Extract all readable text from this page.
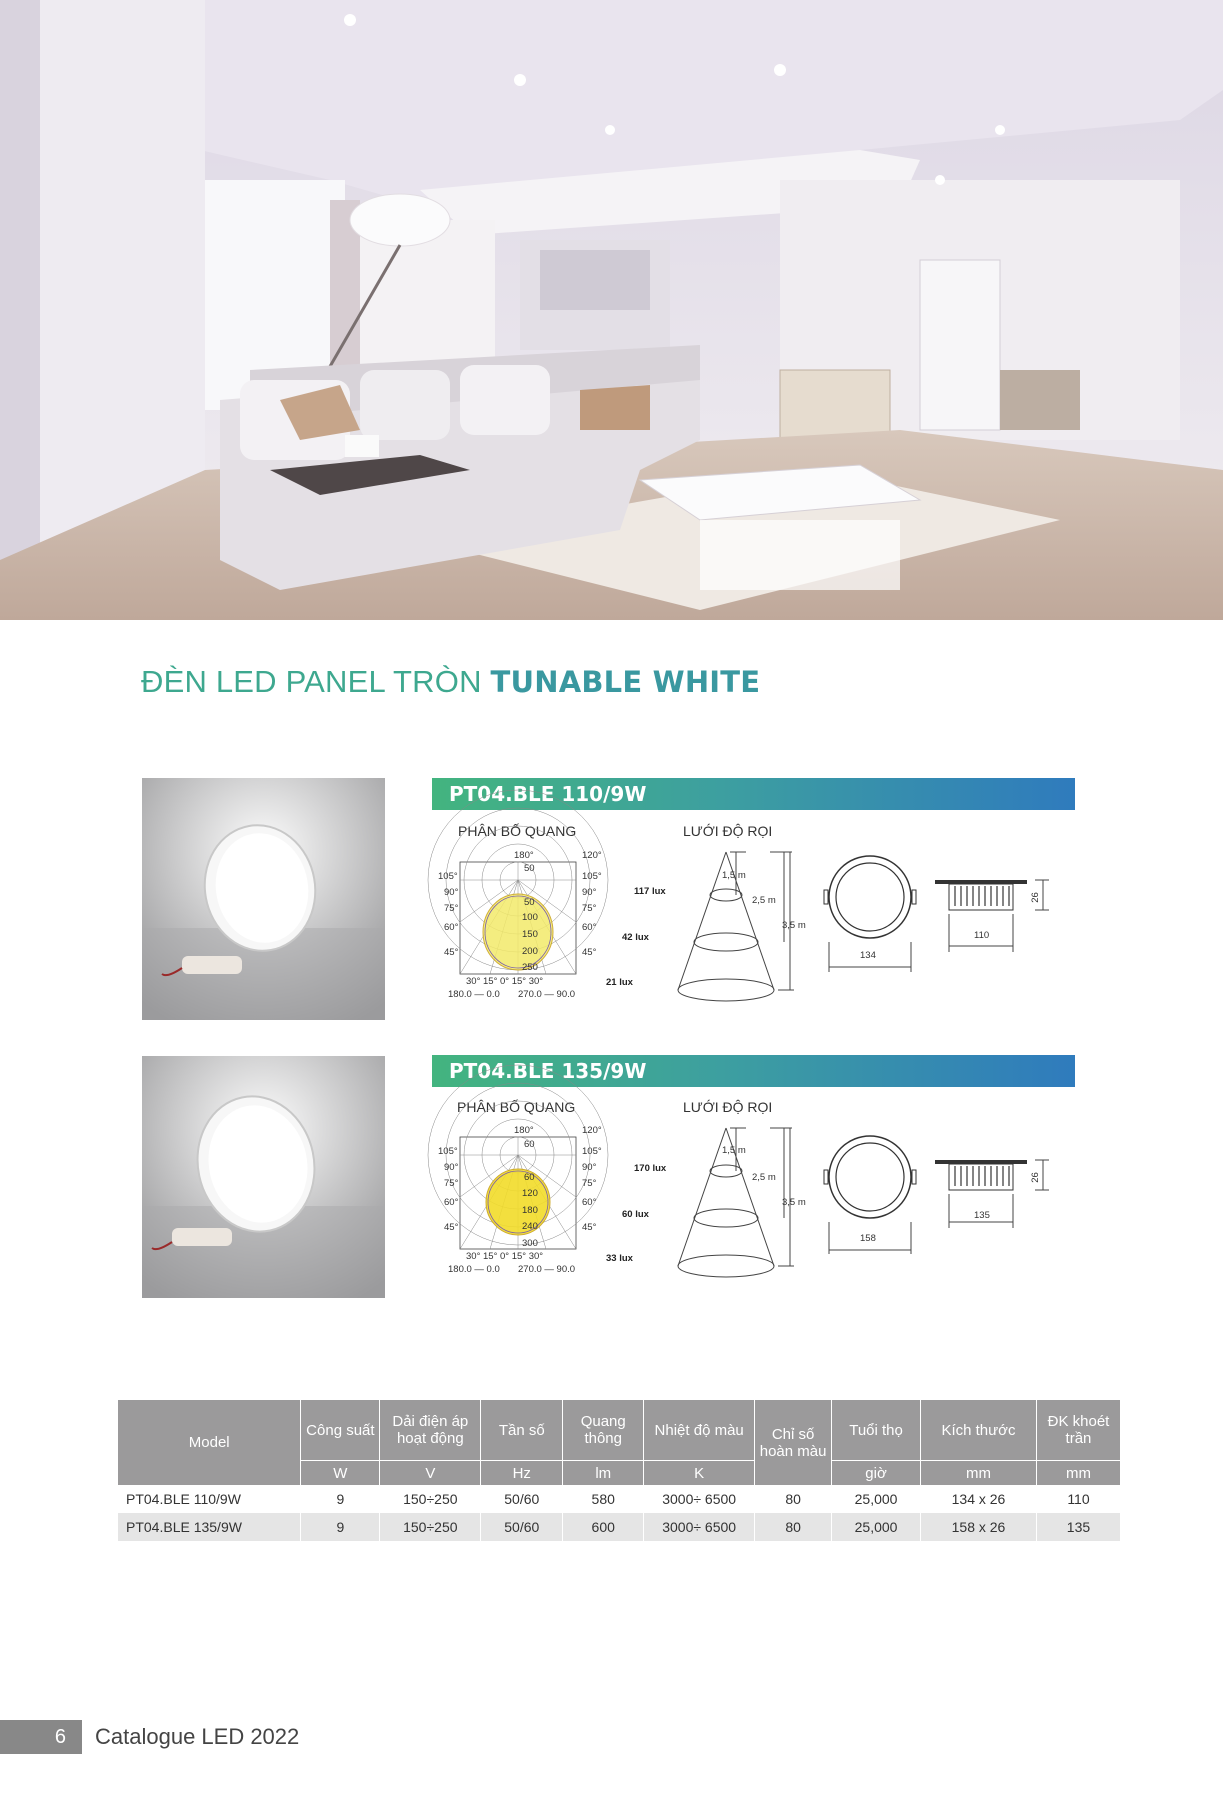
ĐÈN LED PANEL TRÒN TUNABLE WHITE
PT04.BLE 110/9W
PHÂN BỐ QUANG	LƯỚI ĐỘ RỌI
180°	120°
105°
90°
75°
60°
45°
105°
90°
75°
60°
45°
50
50
100
150
200
250
30° 15° 0° 15° 30°
180.0 — 0.0 270.0 — 90.0
117 lux
42 lux
21 lux
1,5 m
2,5 m
3,5 m
134
110
26
PT04.BLE 135/9W
PHÂN BỐ QUANG	LƯỚI ĐỘ RỌI
180°	120°
105°
90°
75°
60°
45°
105°
90°
75°
60°
45°
60
60
120
180
240
300
30° 15° 0° 15° 30°
180.0 — 0.0 270.0 — 90.0
170 lux
60 lux
33 lux
1,5 m
2,5 m
3,5 m
158
135
26
Model	Công suất	Dải điện áp hoạt động	Tần số	Quang thông	Nhiệt độ màu	Chỉ số hoàn màu	Tuổi thọ	Kích thước	ĐK khoét trần
	W	V	Hz	lm	K		giờ	mm	mm
PT04.BLE 110/9W	9	150÷250	50/60	580	3000÷ 6500	80	25,000	134 x 26	110
PT04.BLE 135/9W	9	150÷250	50/60	600	3000÷ 6500	80	25,000	158 x 26	135
6	Catalogue LED 2022
